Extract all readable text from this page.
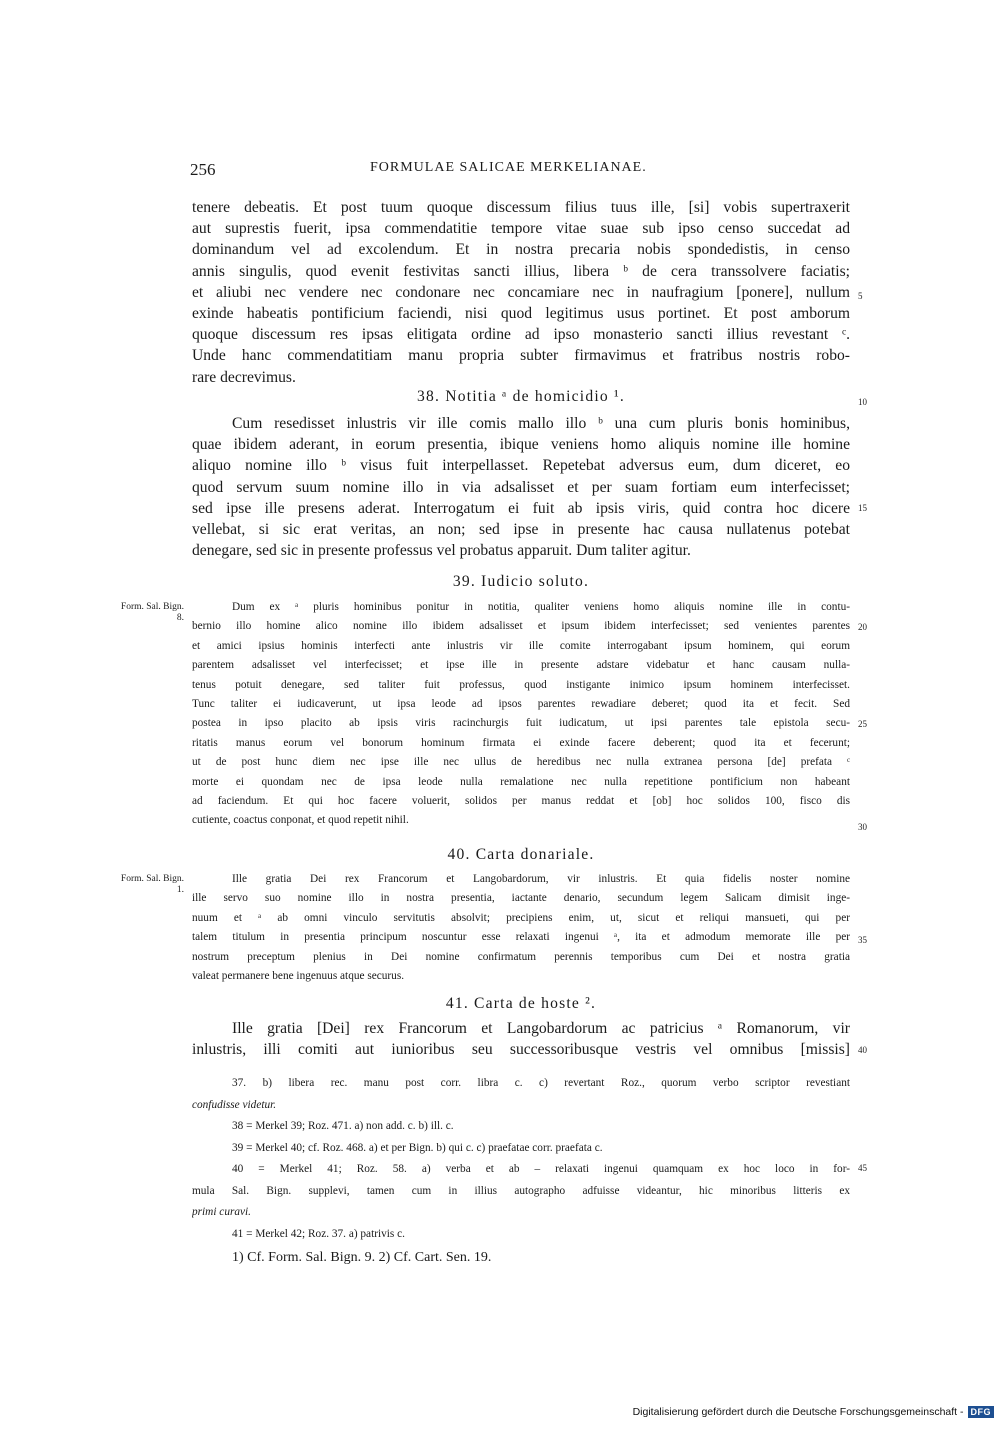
256	FORMULAE SALICAE MERKELIANAE.
tenere debeatis. Et post tuum quoque discessum filius tuus ille, [si] vobis supertraxerit
aut suprestis fuerit, ipsa commendatitie tempore vitae suae sub ipso censo succedat ad
dominandum vel ad excolendum. Et in nostra precaria nobis spondedistis, in censo
annis singulis, quod evenit festivitas sancti illius, libera ᵇ de cera transsolvere faciatis;
et aliubi nec vendere nec condonare nec concamiare nec in naufragium [ponere], nullum
exinde habeatis pontificium faciendi, nisi quod legitimus usus portinet. Et post amborum
quoque discessum res ipsas elitigata ordine ad ipso monasterio sancti illius revestant ᶜ.
Unde hanc commendatitiam manu propria subter firmavimus et fratribus nostris robo-
rare decrevimus.
38. Notitia ᵃ de homicidio ¹.
Cum resedisset inlustris vir ille comis mallo illo ᵇ una cum pluris bonis hominibus,
quae ibidem aderant, in eorum presentia, ibique veniens homo aliquis nomine ille homine
aliquo nomine illo ᵇ visus fuit interpellasset. Repetebat adversus eum, dum diceret, eo
quod servum suum nomine illo in via adsalisset et per suam fortiam eum interfecisset;
sed ipse ille presens aderat. Interrogatum ei fuit ab ipsis viris, quid contra hoc dicere
vellebat, si sic erat veritas, an non; sed ipse in presente hac causa nullatenus potebat
denegare, sed sic in presente professus vel probatus apparuit. Dum taliter agitur.
39. Iudicio soluto.
Form. Sal. Bign. 8.
Dum ex ᵃ pluris hominibus ponitur in notitia, qualiter veniens homo aliquis nomine ille in contu-
bernio illo homine alico nomine illo ibidem adsalisset et ipsum ibidem interfecisset; sed venientes parentes
et amici ipsius hominis interfecti ante inlustris vir ille comite interrogabant ipsum hominem, qui eorum
parentem adsalisset vel interfecisset; et ipse ille in presente adstare videbatur et hanc causam nulla-
tenus potuit denegare, sed taliter fuit professus, quod instigante inimico ipsum hominem interfecisset.
Tunc taliter ei iudicaverunt, ut ipsa leode ad ipsos parentes rewadiare deberet; quod ita et fecit. Sed
postea in ipso placito ab ipsis viris racinchurgis fuit iudicatum, ut ipsi parentes tale epistola secu-
ritatis manus eorum vel bonorum hominum firmata ei exinde facere deberent; quod ita et fecerunt;
ut de post hunc diem nec ipse ille nec ullus de heredibus nec nulla extranea persona [de] prefata ᶜ
morte ei quondam nec de ipsa leode nulla remalatione nec nulla repetitione pontificium non habeant
ad faciendum. Et qui hoc facere voluerit, solidos per manus reddat et [ob] hoc solidos 100, fisco dis
cutiente, coactus conponat, et quod repetit nihil.
40. Carta donariale.
Form. Sal. Bign. 1.
Ille gratia Dei rex Francorum et Langobardorum, vir inlustris. Et quia fidelis noster nomine
ille servo suo nomine illo in nostra presentia, iactante denario, secundum legem Salicam dimisit inge-
nuum et ᵃ ab omni vinculo servitutis absolvit; precipiens enim, ut, sicut et reliqui mansueti, qui per
talem titulum in presentia principum noscuntur esse relaxati ingenui ᵃ, ita et admodum memorate ille per
nostrum preceptum plenius in Dei nomine confirmatum perennis temporibus cum Dei et nostra gratia
valeat permanere bene ingenuus atque securus.
41. Carta de hoste ².
Ille gratia [Dei] rex Francorum et Langobardorum ac patricius ᵃ Romanorum, vir
inlustris, illi comiti aut iunioribus seu successoribusque vestris vel omnibus [missis]
37. b) libera rec. manu post corr. libra c. c) revertant Roz., quorum verbo scriptor revestiant
confudisse videtur.
38 = Merkel 39; Roz. 471. a) non add. c. b) ill. c.
39 = Merkel 40; cf. Roz. 468. a) et per Bign. b) qui c. c) praefatae corr. praefata c.
40 = Merkel 41; Roz. 58. a) verba et ab – relaxati ingenui quamquam ex hoc loco in for-
mula Sal. Bign. supplevi, tamen cum in illius autographo adfuisse videantur, hic minoribus litteris ex
primi curavi.
41 = Merkel 42; Roz. 37. a) patrivis c.
1) Cf. Form. Sal. Bign. 9. 2) Cf. Cart. Sen. 19.
5
10
15
20
25
30
35
40
45
Digitalisierung gefördert durch die Deutsche Forschungsgemeinschaft - DFG
